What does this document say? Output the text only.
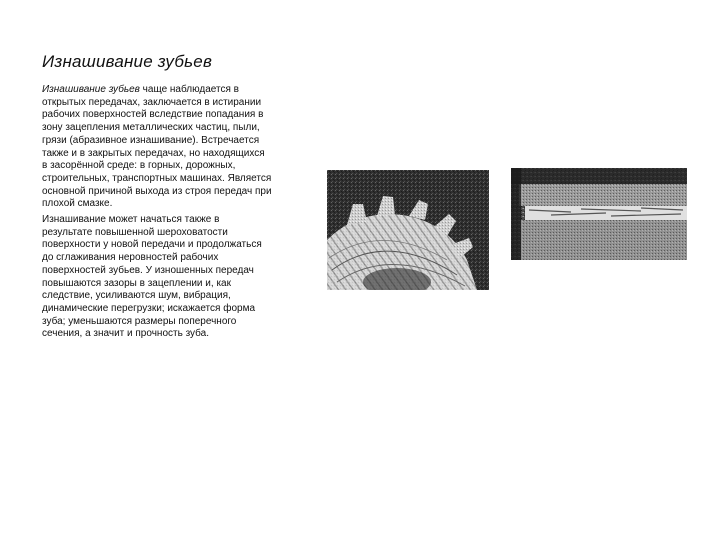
Изнашивание зубьев

Изнашивание зубьев чаще наблюдается в открытых передачах, заключается в истирании рабочих поверхностей вследствие попадания в зону зацепления металлических частиц, пыли, грязи (абразивное изнашивание). Встречается также и в закрытых передачах, но находящихся в засорённой среде: в горных, дорожных, строительных, транспортных машинах. Является основной причиной выхода из строя передач при плохой смазке.

Изнашивание может начаться также в результате повышенной шероховатости поверхности у новой передачи и продолжаться до сглаживания неровностей рабочих поверхностей зубьев. У изношенных передач повышаются зазоры в зацеплении и, как следствие, усиливаются шум, вибрация, динамические перегрузки; искажается форма зуба; уменьшаются размеры поперечного сечения, а значит и прочность зуба.
